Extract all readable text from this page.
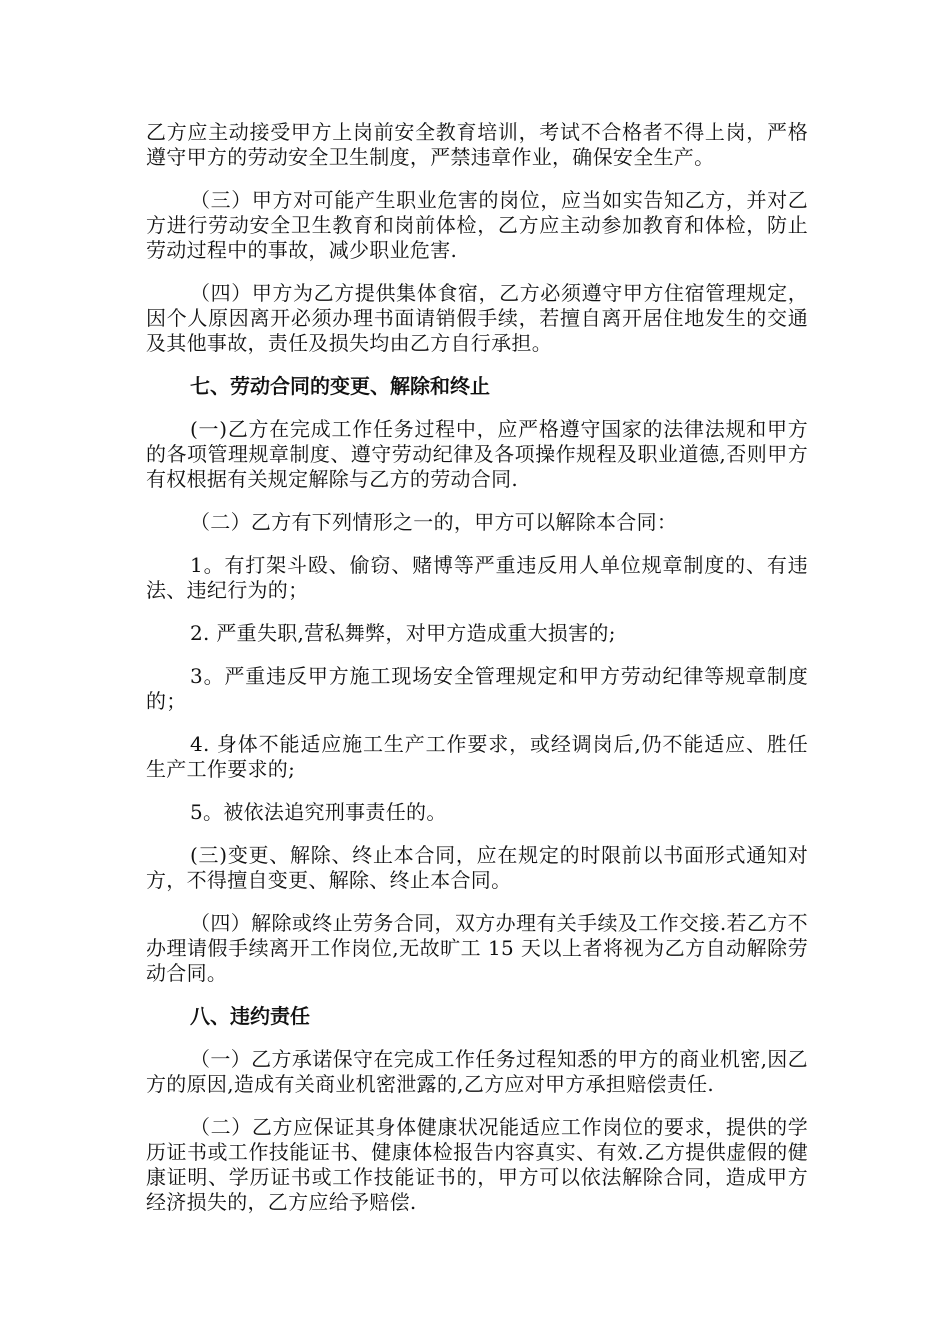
乙方应主动接受甲方上岗前安全教育培训，考试不合格者不得上岗，严格遵守甲方的劳动安全卫生制度，严禁违章作业，确保安全生产。

（三）甲方对可能产生职业危害的岗位，应当如实告知乙方，并对乙方进行劳动安全卫生教育和岗前体检，乙方应主动参加教育和体检，防止劳动过程中的事故，减少职业危害.

（四）甲方为乙方提供集体食宿，乙方必须遵守甲方住宿管理规定，因个人原因离开必须办理书面请销假手续，若擅自离开居住地发生的交通及其他事故，责任及损失均由乙方自行承担。

七、劳动合同的变更、解除和终止

(一)乙方在完成工作任务过程中，应严格遵守国家的法律法规和甲方的各项管理规章制度、遵守劳动纪律及各项操作规程及职业道德,否则甲方有权根据有关规定解除与乙方的劳动合同.

（二）乙方有下列情形之一的，甲方可以解除本合同：

1。有打架斗殴、偷窃、赌博等严重违反用人单位规章制度的、有违法、违纪行为的；

2. 严重失职,营私舞弊，对甲方造成重大损害的;

3。严重违反甲方施工现场安全管理规定和甲方劳动纪律等规章制度的；

4. 身体不能适应施工生产工作要求，或经调岗后,仍不能适应、胜任生产工作要求的;

5。被依法追究刑事责任的。

(三)变更、解除、终止本合同，应在规定的时限前以书面形式通知对方，不得擅自变更、解除、终止本合同。

（四）解除或终止劳务合同，双方办理有关手续及工作交接.若乙方不办理请假手续离开工作岗位,无故旷工 15 天以上者将视为乙方自动解除劳动合同。

八、违约责任

（一）乙方承诺保守在完成工作任务过程知悉的甲方的商业机密,因乙方的原因,造成有关商业机密泄露的,乙方应对甲方承担赔偿责任.

（二）乙方应保证其身体健康状况能适应工作岗位的要求，提供的学历证书或工作技能证书、健康体检报告内容真实、有效.乙方提供虚假的健康证明、学历证书或工作技能证书的，甲方可以依法解除合同，造成甲方经济损失的，乙方应给予赔偿.
